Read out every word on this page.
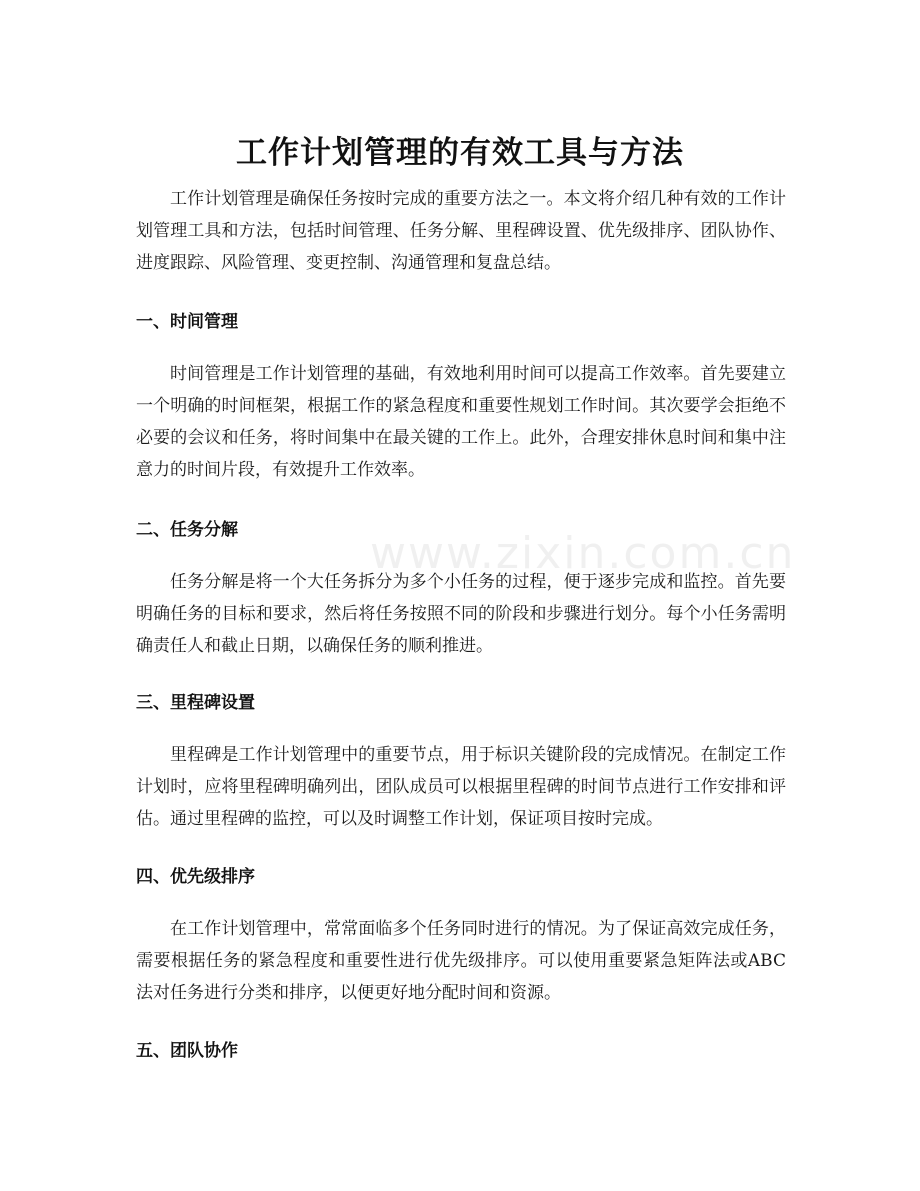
www.zixin.com.cn
工作计划管理的有效工具与方法

工作计划管理是确保任务按时完成的重要方法之一。本文将介绍几种有效的工作计划管理工具和方法，包括时间管理、任务分解、里程碑设置、优先级排序、团队协作、进度跟踪、风险管理、变更控制、沟通管理和复盘总结。

一、时间管理

时间管理是工作计划管理的基础，有效地利用时间可以提高工作效率。首先要建立一个明确的时间框架，根据工作的紧急程度和重要性规划工作时间。其次要学会拒绝不必要的会议和任务，将时间集中在最关键的工作上。此外，合理安排休息时间和集中注意力的时间片段，有效提升工作效率。

二、任务分解

任务分解是将一个大任务拆分为多个小任务的过程，便于逐步完成和监控。首先要明确任务的目标和要求，然后将任务按照不同的阶段和步骤进行划分。每个小任务需明确责任人和截止日期，以确保任务的顺利推进。

三、里程碑设置

里程碑是工作计划管理中的重要节点，用于标识关键阶段的完成情况。在制定工作计划时，应将里程碑明确列出，团队成员可以根据里程碑的时间节点进行工作安排和评估。通过里程碑的监控，可以及时调整工作计划，保证项目按时完成。

四、优先级排序

在工作计划管理中，常常面临多个任务同时进行的情况。为了保证高效完成任务，需要根据任务的紧急程度和重要性进行优先级排序。可以使用重要紧急矩阵法或ABC法对任务进行分类和排序，以便更好地分配时间和资源。

五、团队协作
